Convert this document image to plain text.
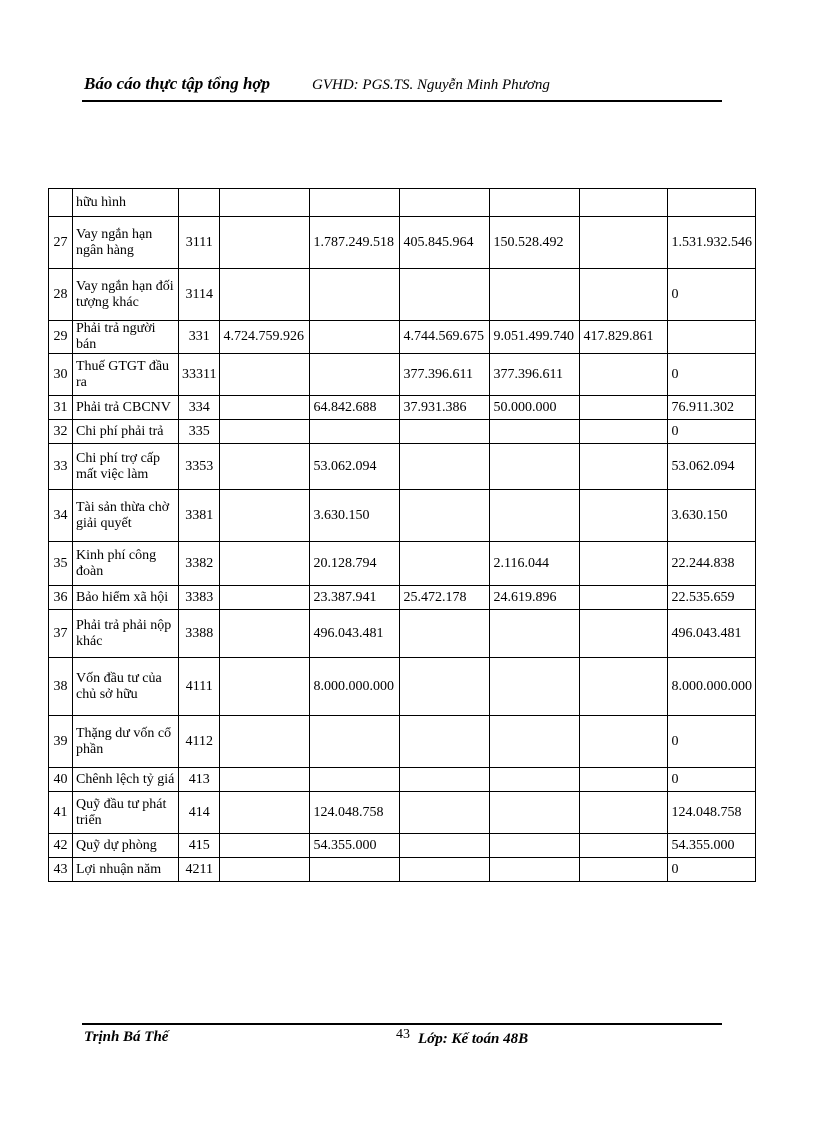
Báo cáo thực tập tổng hợp	GVHD: PGS.TS. Nguyễn Minh Phương
	hữu hình							
27	Vay ngắn hạn ngân hàng	3111		1.787.249.518	405.845.964	150.528.492		1.531.932.546
28	Vay ngắn hạn đối tượng khác	3114						0
29	Phải trả người bán	331	4.724.759.926		4.744.569.675	9.051.499.740	417.829.861	
30	Thuế GTGT đầu ra	33311			377.396.611	377.396.611		0
31	Phải trả CBCNV	334		64.842.688	37.931.386	50.000.000		76.911.302
32	Chi phí phải trả	335						0
33	Chi phí trợ cấp mất việc làm	3353		53.062.094				53.062.094
34	Tài sản thừa chờ giải quyết	3381		3.630.150				3.630.150
35	Kinh phí công đoàn	3382		20.128.794		2.116.044		22.244.838
36	Bảo hiểm xã hội	3383		23.387.941	25.472.178	24.619.896		22.535.659
37	Phải trả phải nộp khác	3388		496.043.481				496.043.481
38	Vốn đầu tư của chủ sở hữu	4111		8.000.000.000				8.000.000.000
39	Thặng dư vốn cổ phần	4112						0
40	Chênh lệch tỷ giá	413						0
41	Quỹ đầu tư phát triển	414		124.048.758				124.048.758
42	Quỹ dự phòng	415		54.355.000				54.355.000
43	Lợi nhuận năm	4211						0
Trịnh Bá Thế	43 Lớp: Kế toán 48B
